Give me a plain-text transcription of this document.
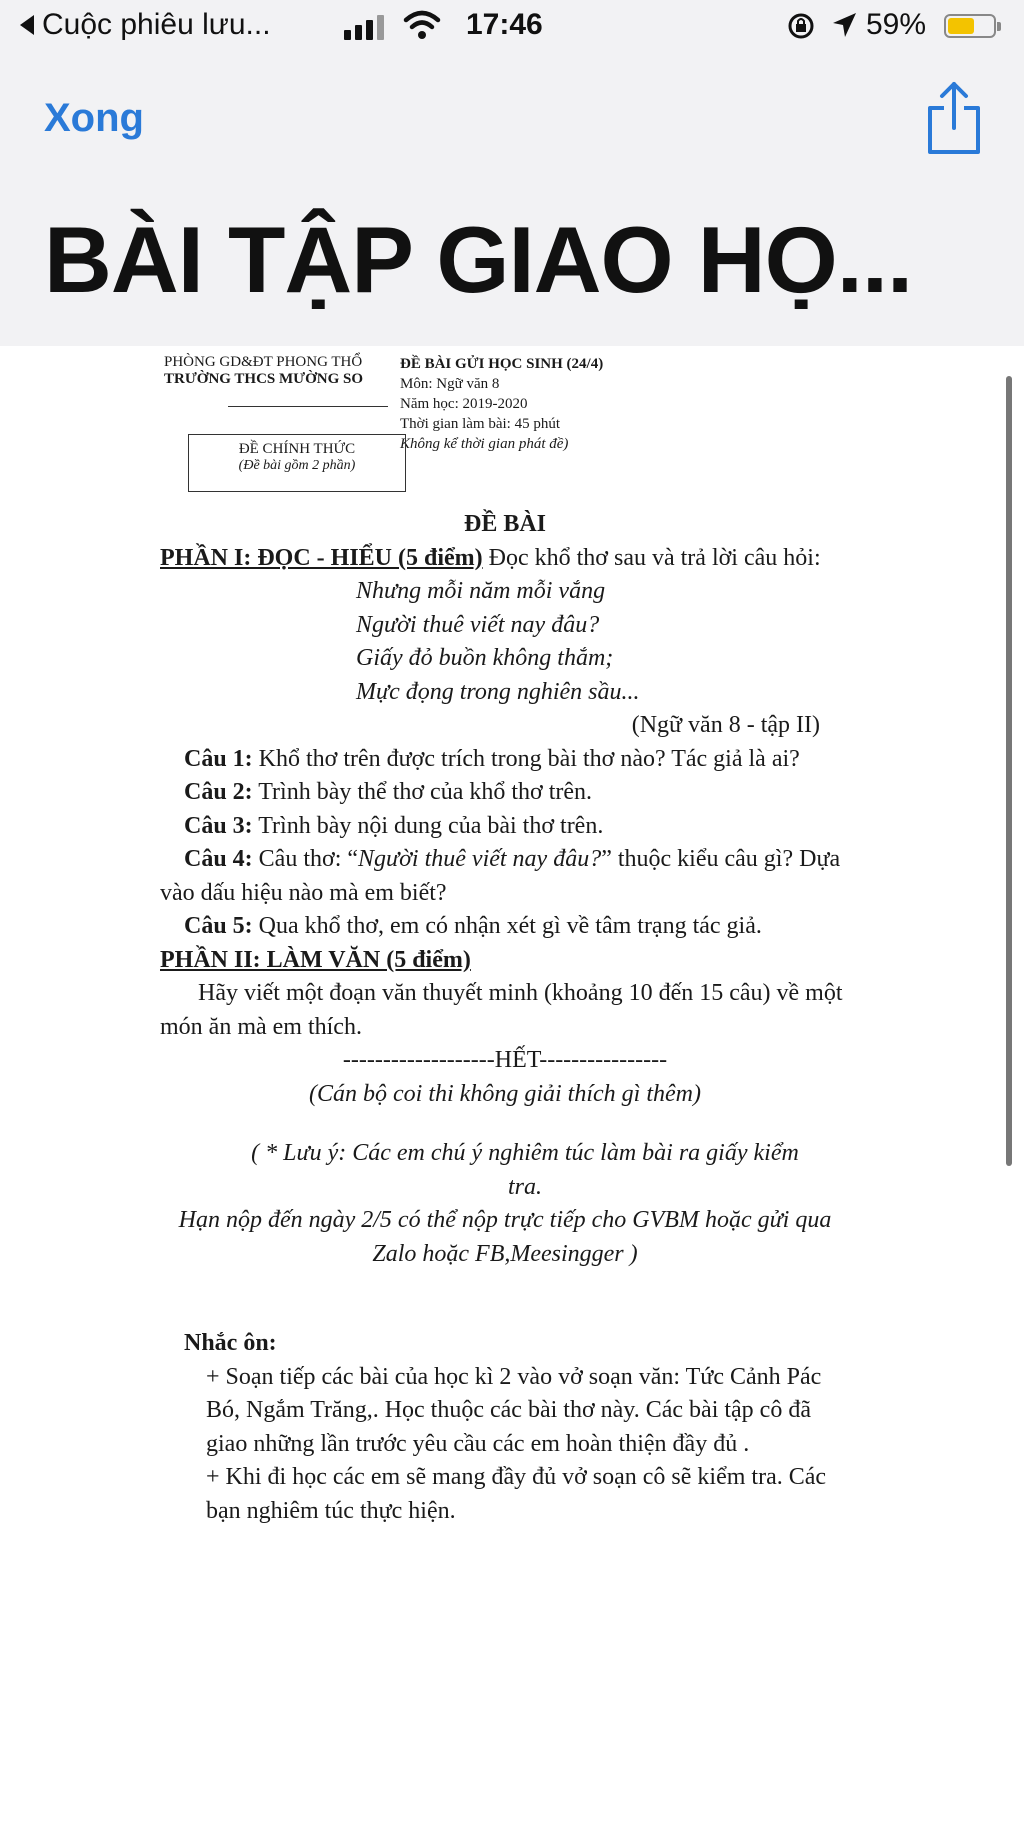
Cuộc phiêu lưu...	17:46	59%
Xong
BÀI TẬP GIAO HỌ...
PHÒNG GD&ĐT PHONG THỔ
TRƯỜNG THCS MƯỜNG SO
ĐỀ BÀI GỬI HỌC SINH (24/4)
Môn: Ngữ văn 8
Năm học: 2019-2020
Thời gian làm bài: 45 phút
Không kể thời gian phát đề)
ĐỀ CHÍNH THỨC
(Đề bài gồm 2 phần)

ĐỀ BÀI

PHẦN I: ĐỌC - HIỂU (5 điểm) Đọc khổ thơ sau và trả lời câu hỏi:

Nhưng mỗi năm mỗi vắng

Người thuê viết nay đâu?

Giấy đỏ buồn không thắm;

Mực đọng trong nghiên sầu...

(Ngữ văn 8 - tập II)

Câu 1: Khổ thơ trên được trích trong bài thơ nào? Tác giả là ai?

Câu 2: Trình bày thể thơ của khổ thơ trên.

Câu 3: Trình bày nội dung của bài thơ trên.

Câu 4: Câu thơ: “Người thuê viết nay đâu?” thuộc kiểu câu gì? Dựa vào dấu hiệu nào mà em biết?

Câu 5: Qua khổ thơ, em có nhận xét gì về tâm trạng tác giả.

PHẦN II: LÀM VĂN (5 điểm)

Hãy viết một đoạn văn thuyết minh (khoảng 10 đến 15 câu) về một món ăn mà em thích.

-------------------HẾT----------------

(Cán bộ coi thi không giải thích gì thêm)

( * Lưu ý: Các em chú ý nghiêm túc làm bài ra giấy kiểm tra.

Hạn nộp đến ngày 2/5 có thể nộp trực tiếp cho GVBM hoặc gửi qua Zalo hoặc FB,Meesingger )

Nhắc ôn:

+ Soạn tiếp các bài của học kì 2 vào vở soạn văn: Tức Cảnh Pác Bó, Ngắm Trăng,. Học thuộc các bài thơ này. Các bài tập cô đã giao những lần trước yêu cầu các em hoàn thiện đầy đủ .

+ Khi đi học các em sẽ mang đầy đủ vở soạn cô sẽ kiểm tra. Các bạn nghiêm túc thực hiện.
